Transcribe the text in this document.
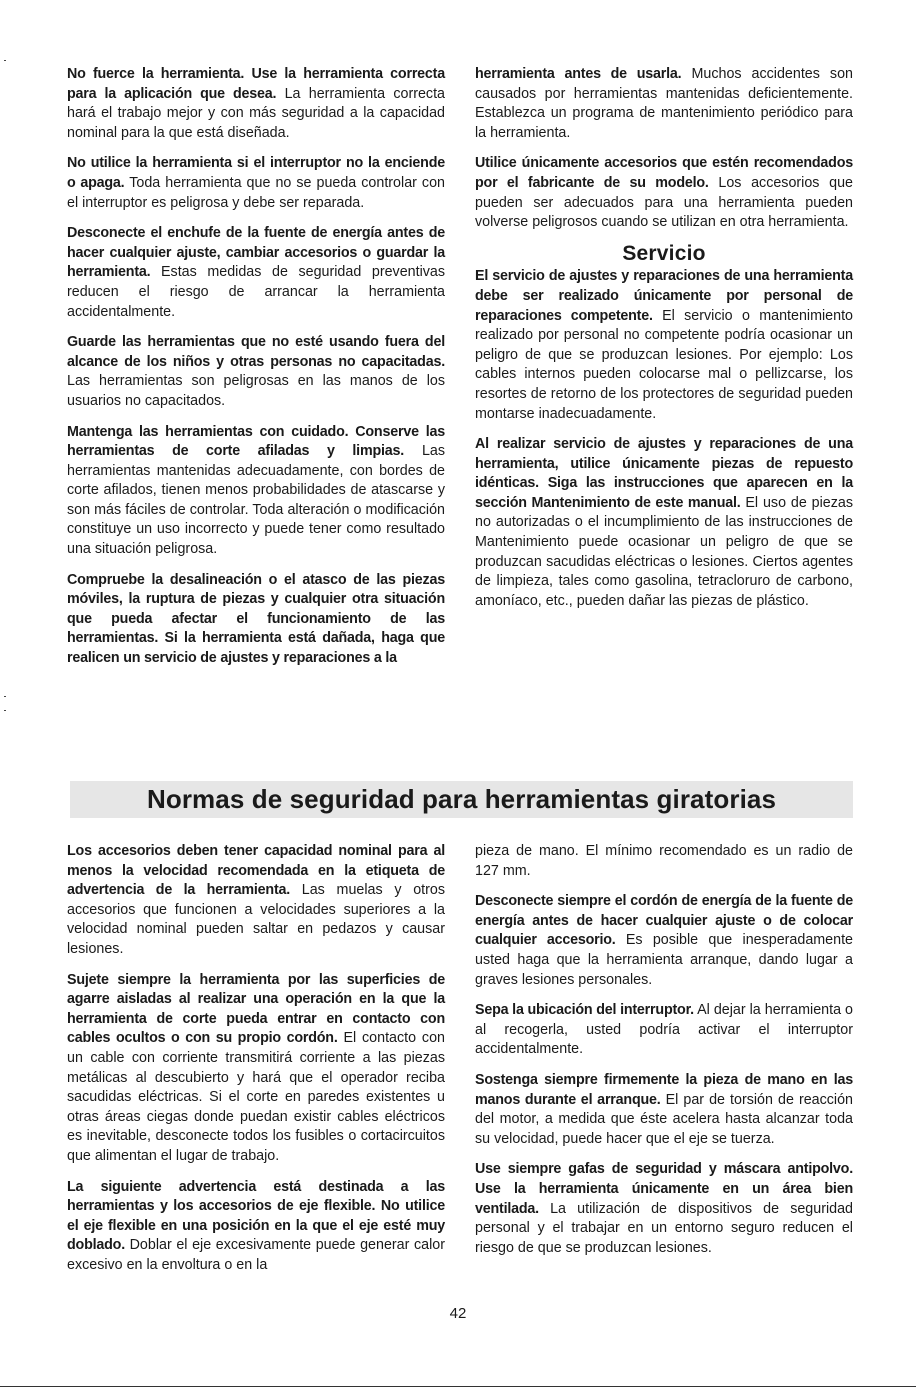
No fuerce la herramienta. Use la herramienta correcta para la aplicación que desea. La herramienta correcta hará el trabajo mejor y con más seguridad a la capacidad nominal para la que está diseñada.

No utilice la herramienta si el interruptor no la enciende o apaga. Toda herramienta que no se pueda controlar con el interruptor es peligrosa y debe ser reparada.

Desconecte el enchufe de la fuente de energía antes de hacer cualquier ajuste, cambiar accesorios o guardar la herramienta. Estas medidas de seguridad preventivas reducen el riesgo de arrancar la herramienta accidentalmente.

Guarde las herramientas que no esté usando fuera del alcance de los niños y otras personas no capacitadas. Las herramientas son peligrosas en las manos de los usuarios no capacitados.

Mantenga las herramientas con cuidado. Conserve las herramientas de corte afiladas y limpias. Las herramientas mantenidas adecuadamente, con bordes de corte afilados, tienen menos probabilidades de atascarse y son más fáciles de controlar. Toda alteración o modificación constituye un uso incorrecto y puede tener como resultado una situación peligrosa.

Compruebe la desalineación o el atasco de las piezas móviles, la ruptura de piezas y cualquier otra situación que pueda afectar el funcionamiento de las herramientas. Si la herramienta está dañada, haga que realicen un servicio de ajustes y reparaciones a la

herramienta antes de usarla. Muchos accidentes son causados por herramientas mantenidas deficientemente. Establezca un programa de mantenimiento periódico para la herramienta.

Utilice únicamente accesorios que estén recomendados por el fabricante de su modelo. Los accesorios que pueden ser adecuados para una herramienta pueden volverse peligrosos cuando se utilizan en otra herramienta.

Servicio

El servicio de ajustes y reparaciones de una herramienta debe ser realizado únicamente por personal de reparaciones competente. El servicio o mantenimiento realizado por personal no competente podría ocasionar un peligro de que se produzcan lesiones. Por ejemplo: Los cables internos pueden colocarse mal o pellizcarse, los resortes de retorno de los protectores de seguridad pueden montarse inadecuadamente.

Al realizar servicio de ajustes y reparaciones de una herramienta, utilice únicamente piezas de repuesto idénticas. Siga las instrucciones que aparecen en la sección Mantenimiento de este manual. El uso de piezas no autorizadas o el incumplimiento de las instrucciones de Mantenimiento puede ocasionar un peligro de que se produzcan sacudidas eléctricas o lesiones. Ciertos agentes de limpieza, tales como gasolina, tetracloruro de carbono, amoníaco, etc., pueden dañar las piezas de plástico.

Normas de seguridad para herramientas giratorias

Los accesorios deben tener capacidad nominal para al menos la velocidad recomendada en la etiqueta de advertencia de la herramienta. Las muelas y otros accesorios que funcionen a velocidades superiores a la velocidad nominal pueden saltar en pedazos y causar lesiones.

Sujete siempre la herramienta por las superficies de agarre aisladas al realizar una operación en la que la herramienta de corte pueda entrar en contacto con cables ocultos o con su propio cordón. El contacto con un cable con corriente transmitirá corriente a las piezas metálicas al descubierto y hará que el operador reciba sacudidas eléctricas. Si el corte en paredes existentes u otras áreas ciegas donde puedan existir cables eléctricos es inevitable, desconecte todos los fusibles o cortacircuitos que alimentan el lugar de trabajo.

La siguiente advertencia está destinada a las herramientas y los accesorios de eje flexible. No utilice el eje flexible en una posición en la que el eje esté muy doblado. Doblar el eje excesivamente puede generar calor excesivo en la envoltura o en la

pieza de mano. El mínimo recomendado es un radio de 127 mm.

Desconecte siempre el cordón de energía de la fuente de energía antes de hacer cualquier ajuste o de colocar cualquier accesorio. Es posible que inesperadamente usted haga que la herramienta arranque, dando lugar a graves lesiones personales.

Sepa la ubicación del interruptor. Al dejar la herramienta o al recogerla, usted podría activar el interruptor accidentalmente.

Sostenga siempre firmemente la pieza de mano en las manos durante el arranque. El par de torsión de reacción del motor, a medida que éste acelera hasta alcanzar toda su velocidad, puede hacer que el eje se tuerza.

Use siempre gafas de seguridad y máscara antipolvo. Use la herramienta únicamente en un área bien ventilada. La utilización de dispositivos de seguridad personal y el trabajar en un entorno seguro reducen el riesgo de que se produzcan lesiones.

42
